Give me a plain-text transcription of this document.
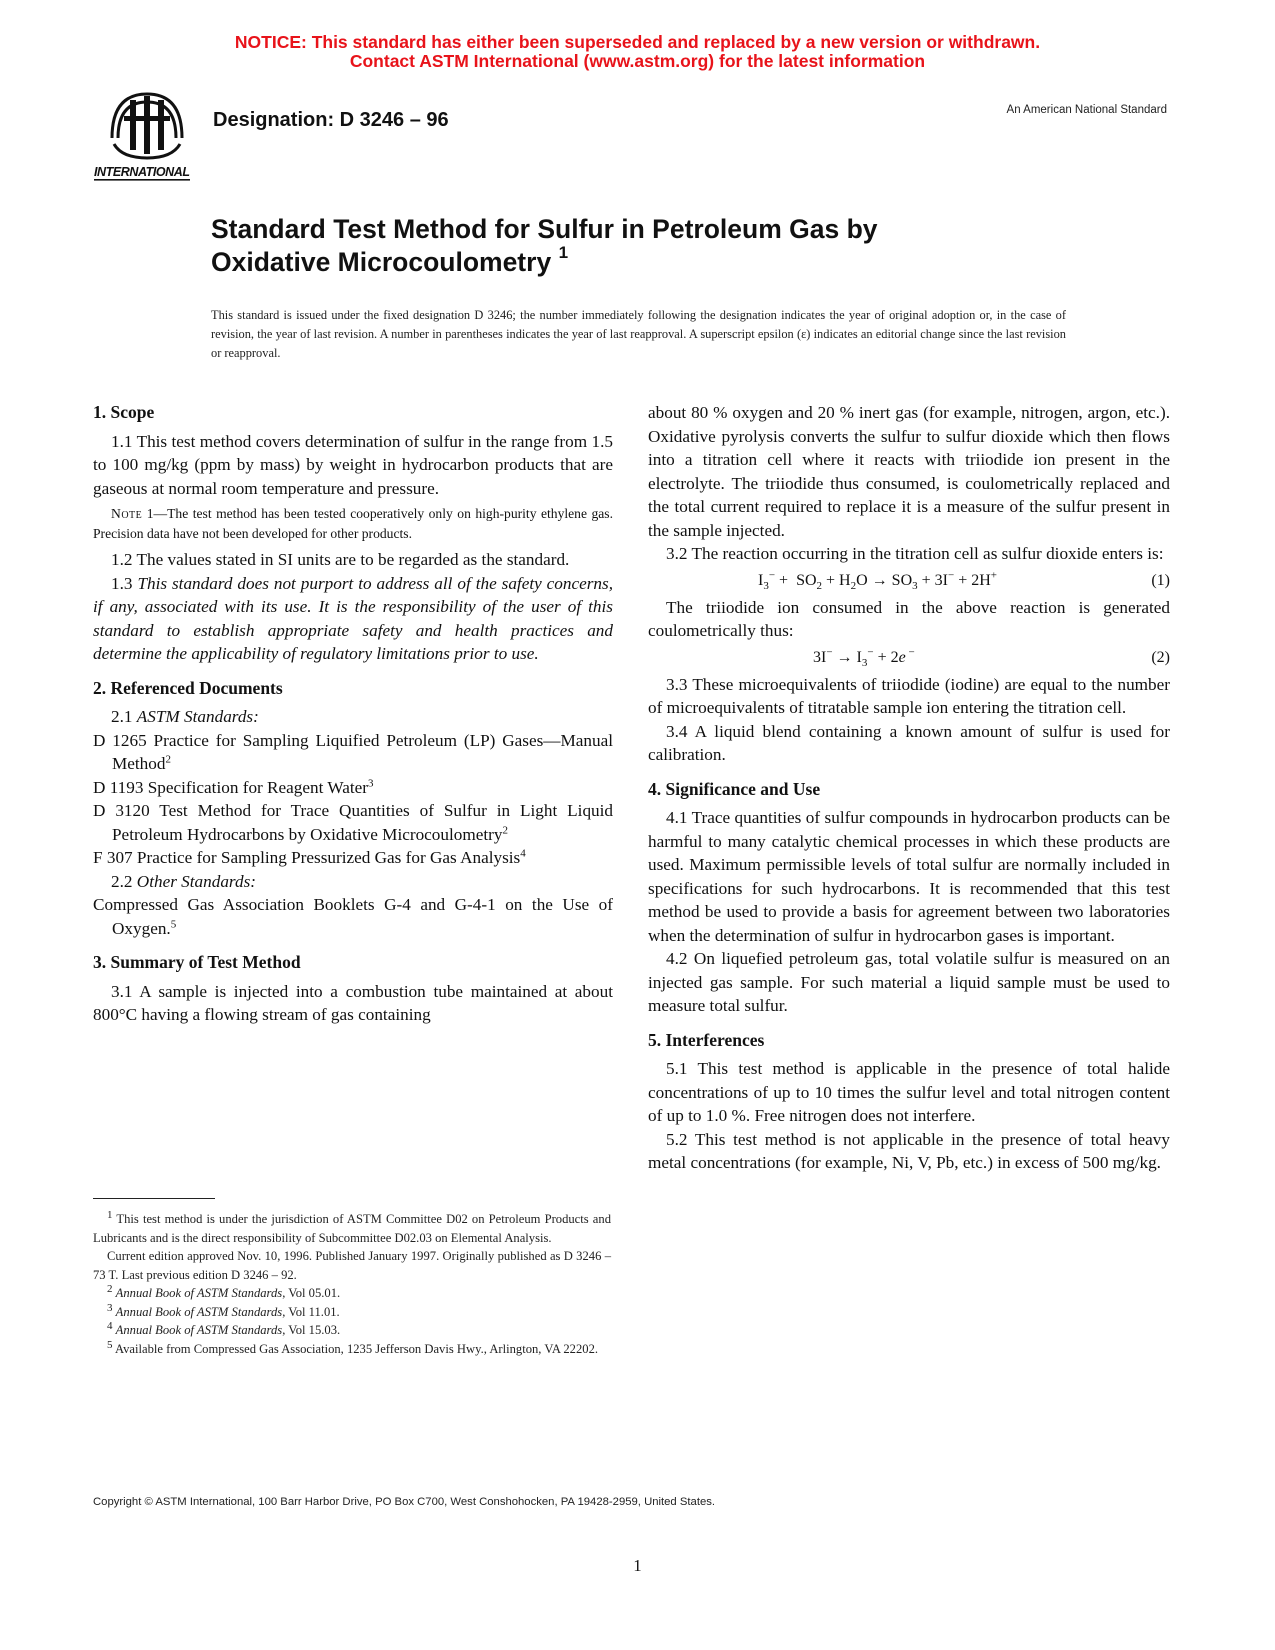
NOTICE: This standard has either been superseded and replaced by a new version or withdrawn.
Contact ASTM International (www.astm.org) for the latest information
INTERNATIONAL
Designation: D 3246 – 96	An American National Standard
Standard Test Method for Sulfur in Petroleum Gas by
Oxidative Microcoulometry $^1$
This standard is issued under the fixed designation D 3246; the number immediately following the designation indicates the year of original adoption or, in the case of revision, the year of last revision. A number in parentheses indicates the year of last reapproval. A superscript epsilon (ε) indicates an editorial change since the last revision or reapproval.
1. Scope

1.1 This test method covers determination of sulfur in the range from 1.5 to 100 mg/kg (ppm by mass) by weight in hydrocarbon products that are gaseous at normal room temperature and pressure.

Note 1—The test method has been tested cooperatively only on high-purity ethylene gas. Precision data have not been developed for other products.

1.2 The values stated in SI units are to be regarded as the standard.

1.3 This standard does not purport to address all of the safety concerns, if any, associated with its use. It is the responsibility of the user of this standard to establish appropriate safety and health practices and determine the applicability of regulatory limitations prior to use.

2. Referenced Documents

2.1 ASTM Standards:

D 1265 Practice for Sampling Liquified Petroleum (LP) Gases—Manual Method$^2$

D 1193 Specification for Reagent Water$^3$

D 3120 Test Method for Trace Quantities of Sulfur in Light Liquid Petroleum Hydrocarbons by Oxidative Microcoulometry$^2$

F 307 Practice for Sampling Pressurized Gas for Gas Analysis$^4$

2.2 Other Standards:

Compressed Gas Association Booklets G-4 and G-4-1 on the Use of Oxygen.$^5$

3. Summary of Test Method

3.1 A sample is injected into a combustion tube maintained at about 800°C having a flowing stream of gas containing

about 80 % oxygen and 20 % inert gas (for example, nitrogen, argon, etc.). Oxidative pyrolysis converts the sulfur to sulfur dioxide which then flows into a titration cell where it reacts with triiodide ion present in the electrolyte. The triiodide thus consumed, is coulometrically replaced and the total current required to replace it is a measure of the sulfur present in the sample injected.

3.2 The reaction occurring in the titration cell as sulfur dioxide enters is:

$I_3^- + SO_2 + H_2O \to SO_3 + 3I^- + 2H^+$	(1)

The triiodide ion consumed in the above reaction is generated coulometrically thus:

$3I^- \to I_3^- + 2e$ −	(2)

3.3 These microequivalents of triiodide (iodine) are equal to the number of microequivalents of titratable sample ion entering the titration cell.

3.4 A liquid blend containing a known amount of sulfur is used for calibration.

4. Significance and Use

4.1 Trace quantities of sulfur compounds in hydrocarbon products can be harmful to many catalytic chemical processes in which these products are used. Maximum permissible levels of total sulfur are normally included in specifications for such hydrocarbons. It is recommended that this test method be used to provide a basis for agreement between two laboratories when the determination of sulfur in hydrocarbon gases is important.

4.2 On liquefied petroleum gas, total volatile sulfur is measured on an injected gas sample. For such material a liquid sample must be used to measure total sulfur.

5. Interferences

5.1 This test method is applicable in the presence of total halide concentrations of up to 10 times the sulfur level and total nitrogen content of up to 1.0 %. Free nitrogen does not interfere.

5.2 This test method is not applicable in the presence of total heavy metal concentrations (for example, Ni, V, Pb, etc.) in excess of 500 mg/kg.

$^1$ This test method is under the jurisdiction of ASTM Committee D02 on Petroleum Products and Lubricants and is the direct responsibility of Subcommittee D02.03 on Elemental Analysis.

Current edition approved Nov. 10, 1996. Published January 1997. Originally published as D 3246 – 73 T. Last previous edition D 3246 – 92.

$^2$ Annual Book of ASTM Standards, Vol 05.01.

$^3$ Annual Book of ASTM Standards, Vol 11.01.

$^4$ Annual Book of ASTM Standards, Vol 15.03.

$^5$ Available from Compressed Gas Association, 1235 Jefferson Davis Hwy., Arlington, VA 22202.

Copyright © ASTM International, 100 Barr Harbor Drive, PO Box C700, West Conshohocken, PA 19428-2959, United States.
1
